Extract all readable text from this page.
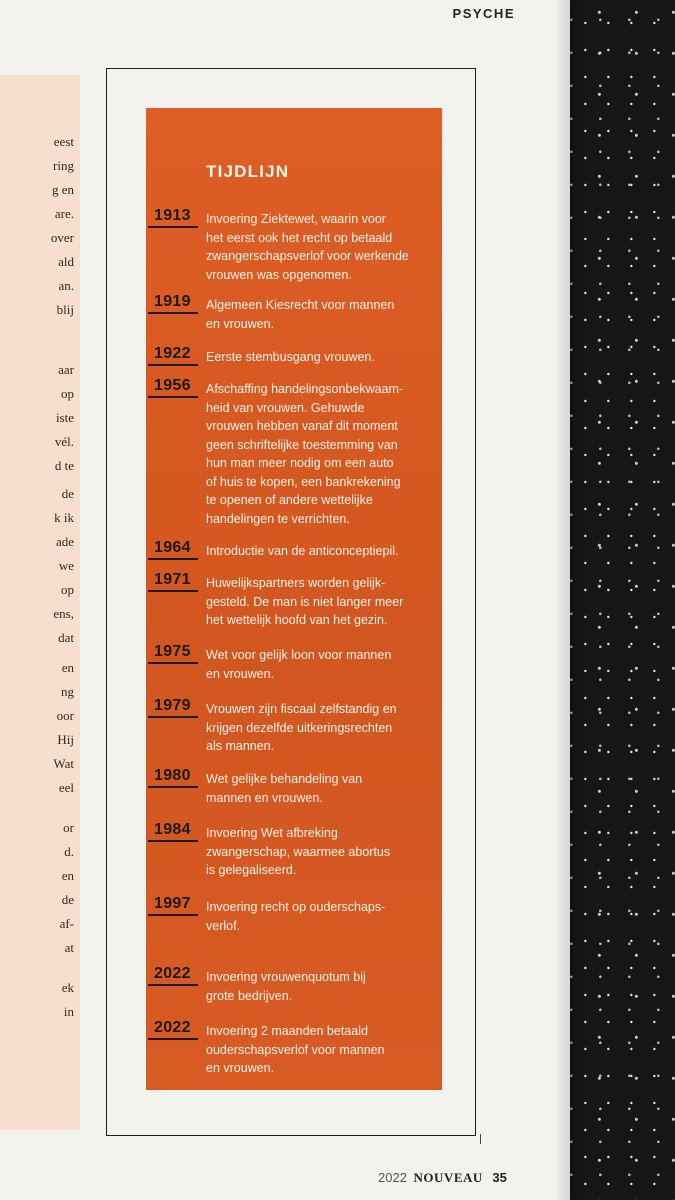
PSYCHE
eest
ring
g en
are.
over
ald
an.
blij
aar
op
iste
vél.
d te
de
k ik
ade
we
op
ens,
dat
en
ng
oor
Hij
Wat
eel
or
d.
en
de
af-
at
ek
in
TIJDLIJN
1913 Invoering Ziektewet, waarin voor
het eerst ook het recht op betaald
zwangerschapsverlof voor werkende
vrouwen was opgenomen.
1919 Algemeen Kiesrecht voor mannen
en vrouwen.
1922 Eerste stembusgang vrouwen.
1956 Afschaffing handelingsonbekwaam-
heid van vrouwen. Gehuwde
vrouwen hebben vanaf dit moment
geen schriftelijke toestemming van
hun man meer nodig om een auto
of huis te kopen, een bankrekening
te openen of andere wettelijke
handelingen te verrichten.
1964 Introductie van de anticonceptiepil.
1971 Huwelijkspartners worden gelijk-
gesteld. De man is niet langer meer
het wettelijk hoofd van het gezin.
1975 Wet voor gelijk loon voor mannen
en vrouwen.
1979 Vrouwen zijn fiscaal zelfstandig en
krijgen dezelfde uitkeringsrechten
als mannen.
1980 Wet gelijke behandeling van
mannen en vrouwen.
1984 Invoering Wet afbreking
zwangerschap, waarmee abortus
is gelegaliseerd.
1997 Invoering recht op ouderschaps-
verlof.
2022 Invoering vrouwenquotum bij
grote bedrijven.
2022 Invoering 2 maanden betaald
ouderschapsverlof voor mannen
en vrouwen.
2022 NOUVEAU 35
